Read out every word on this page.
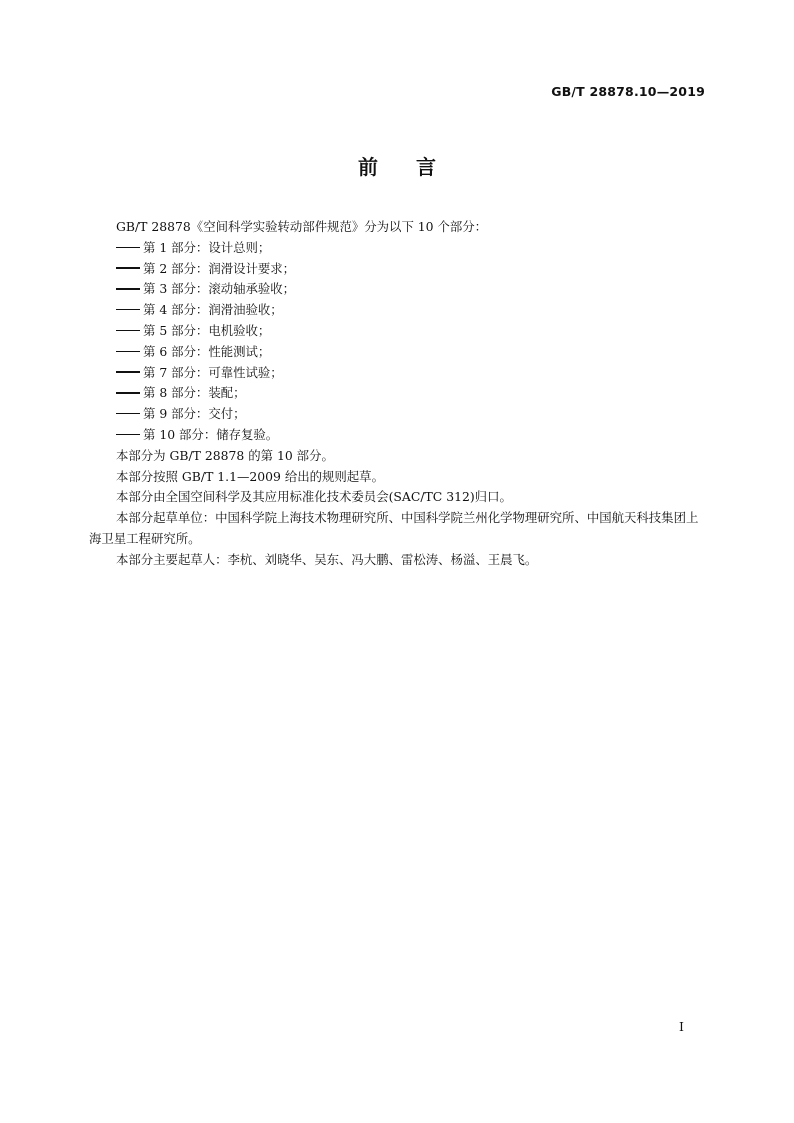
GB/T 28878.10—2019
前言

GB/T 28878《空间科学实验转动部件规范》分为以下 10 个部分：

第 1 部分：设计总则；

第 2 部分：润滑设计要求；

第 3 部分：滚动轴承验收；

第 4 部分：润滑油验收；

第 5 部分：电机验收；

第 6 部分：性能测试；

第 7 部分：可靠性试验；

第 8 部分：装配；

第 9 部分：交付；

第 10 部分：储存复验。

本部分为 GB/T 28878 的第 10 部分。

本部分按照 GB/T 1.1—2009 给出的规则起草。

本部分由全国空间科学及其应用标准化技术委员会(SAC/TC 312)归口。

本部分起草单位：中国科学院上海技术物理研究所、中国科学院兰州化学物理研究所、中国航天科技集团上海卫星工程研究所。

本部分主要起草人：李杭、刘晓华、吴东、冯大鹏、雷松涛、杨溢、王晨飞。

I
